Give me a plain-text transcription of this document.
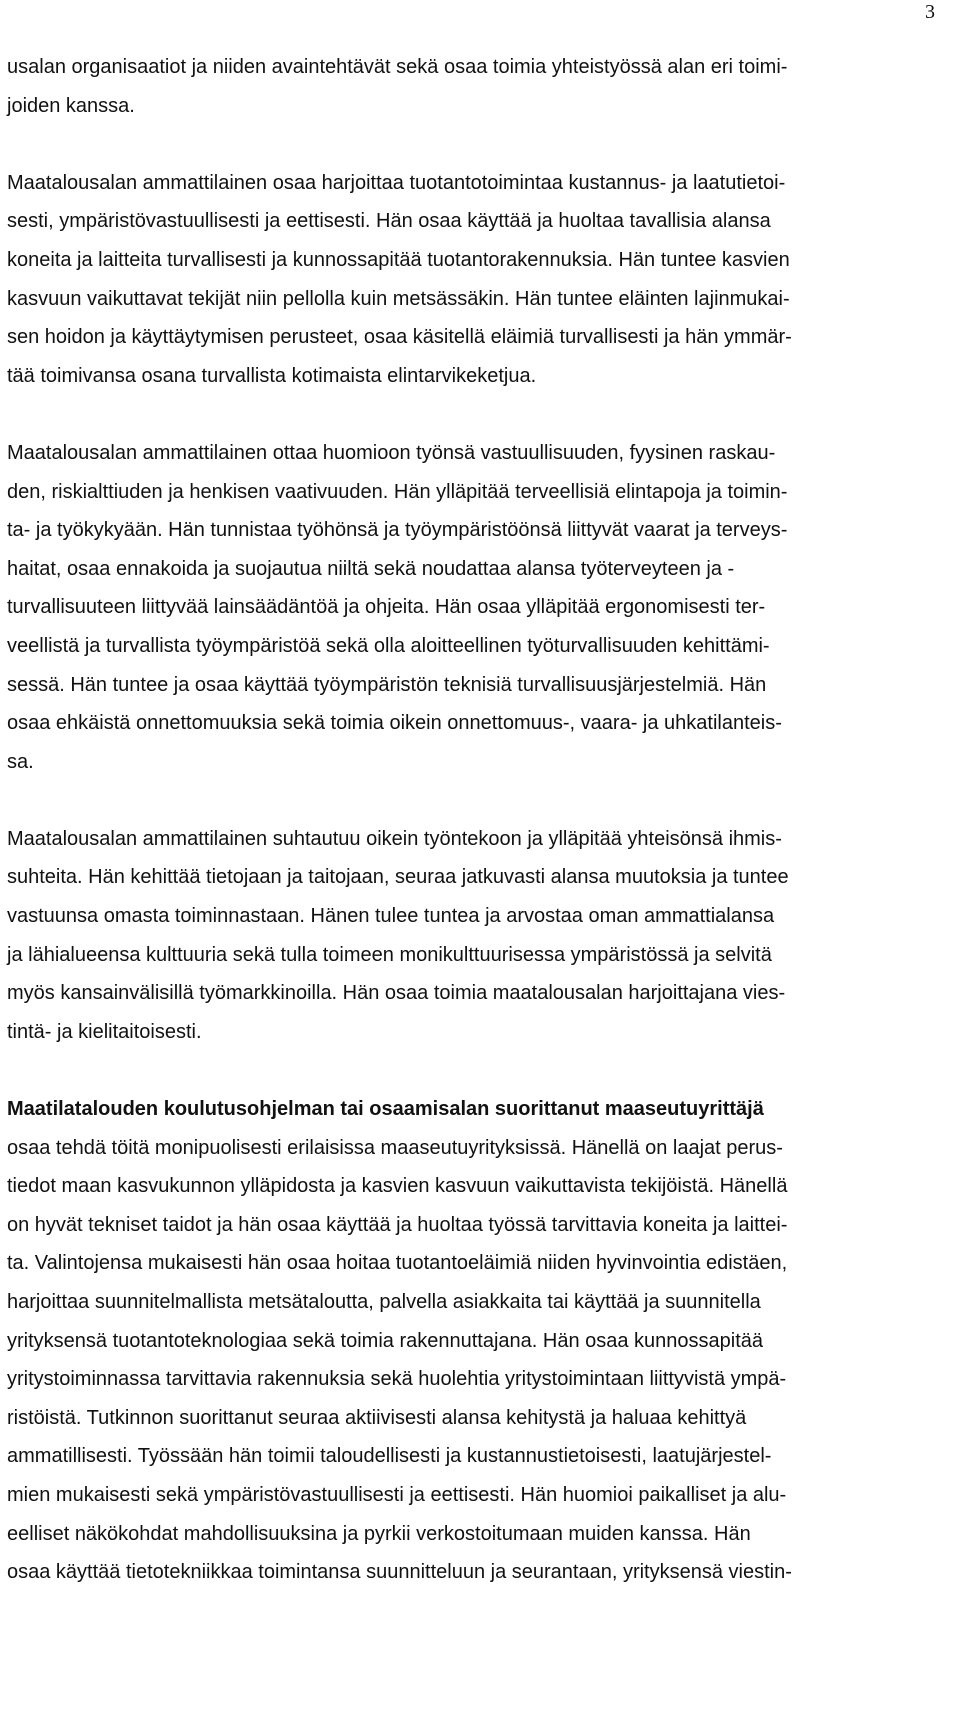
3
usalan organisaatiot ja niiden avaintehtävät sekä osaa toimia yhteistyössä alan eri toimi-
joiden kanssa.
Maatalousalan ammattilainen osaa harjoittaa tuotantotoimintaa kustannus- ja laatutietoi-
sesti, ympäristövastuullisesti ja eettisesti. Hän osaa käyttää ja huoltaa tavallisia alansa
koneita ja laitteita turvallisesti ja kunnossapitää tuotantorakennuksia. Hän tuntee kasvien
kasvuun vaikuttavat tekijät niin pellolla kuin metsässäkin. Hän tuntee eläinten lajinmukai-
sen hoidon ja käyttäytymisen perusteet, osaa käsitellä eläimiä turvallisesti ja hän ymmär-
tää toimivansa osana turvallista kotimaista elintarvikeketjua.
Maatalousalan ammattilainen ottaa huomioon työnsä vastuullisuuden, fyysinen raskau-
den, riskialttiuden ja henkisen vaativuuden. Hän ylläpitää terveellisiä elintapoja ja toimin-
ta- ja työkykyään. Hän tunnistaa työhönsä ja työympäristöönsä liittyvät vaarat ja terveys-
haitat, osaa ennakoida ja suojautua niiltä sekä noudattaa alansa työterveyteen ja -
turvallisuuteen liittyvää lainsäädäntöä ja ohjeita. Hän osaa ylläpitää ergonomisesti ter-
veellistä ja turvallista työympäristöä sekä olla aloitteellinen työturvallisuuden kehittämi-
sessä. Hän tuntee ja osaa käyttää työympäristön teknisiä turvallisuusjärjestelmiä. Hän
osaa ehkäistä onnettomuuksia sekä toimia oikein onnettomuus-, vaara- ja uhkatilanteis-
sa.
Maatalousalan ammattilainen suhtautuu oikein työntekoon ja ylläpitää yhteisönsä ihmis-
suhteita. Hän kehittää tietojaan ja taitojaan, seuraa jatkuvasti alansa muutoksia ja tuntee
vastuunsa omasta toiminnastaan. Hänen tulee tuntea ja arvostaa oman ammattialansa
ja lähialueensa kulttuuria sekä tulla toimeen monikulttuurisessa ympäristössä ja selvitä
myös kansainvälisillä työmarkkinoilla. Hän osaa toimia maatalousalan harjoittajana vies-
tintä- ja kielitaitoisesti.
Maatilatalouden koulutusohjelman tai osaamisalan suorittanut maaseutuyrittäjä
osaa tehdä töitä monipuolisesti erilaisissa maaseutuyrityksissä. Hänellä on laajat perus-
tiedot maan kasvukunnon ylläpidosta ja kasvien kasvuun vaikuttavista tekijöistä. Hänellä
on hyvät tekniset taidot ja hän osaa käyttää ja huoltaa työssä tarvittavia koneita ja laittei-
ta. Valintojensa mukaisesti hän osaa hoitaa tuotantoeläimiä niiden hyvinvointia edistäen,
harjoittaa suunnitelmallista metsätaloutta, palvella asiakkaita tai käyttää ja suunnitella
yrityksensä tuotantoteknologiaa sekä toimia rakennuttajana. Hän osaa kunnossapitää
yritystoiminnassa tarvittavia rakennuksia sekä huolehtia yritystoimintaan liittyvistä ympä-
ristöistä. Tutkinnon suorittanut seuraa aktiivisesti alansa kehitystä ja haluaa kehittyä
ammatillisesti. Työssään hän toimii taloudellisesti ja kustannustietoisesti, laatujärjestel-
mien mukaisesti sekä ympäristövastuullisesti ja eettisesti. Hän huomioi paikalliset ja alu-
eelliset näkökohdat mahdollisuuksina ja pyrkii verkostoitumaan muiden kanssa. Hän
osaa käyttää tietotekniikkaa toimintansa suunnitteluun ja seurantaan, yrityksensä viestin-
